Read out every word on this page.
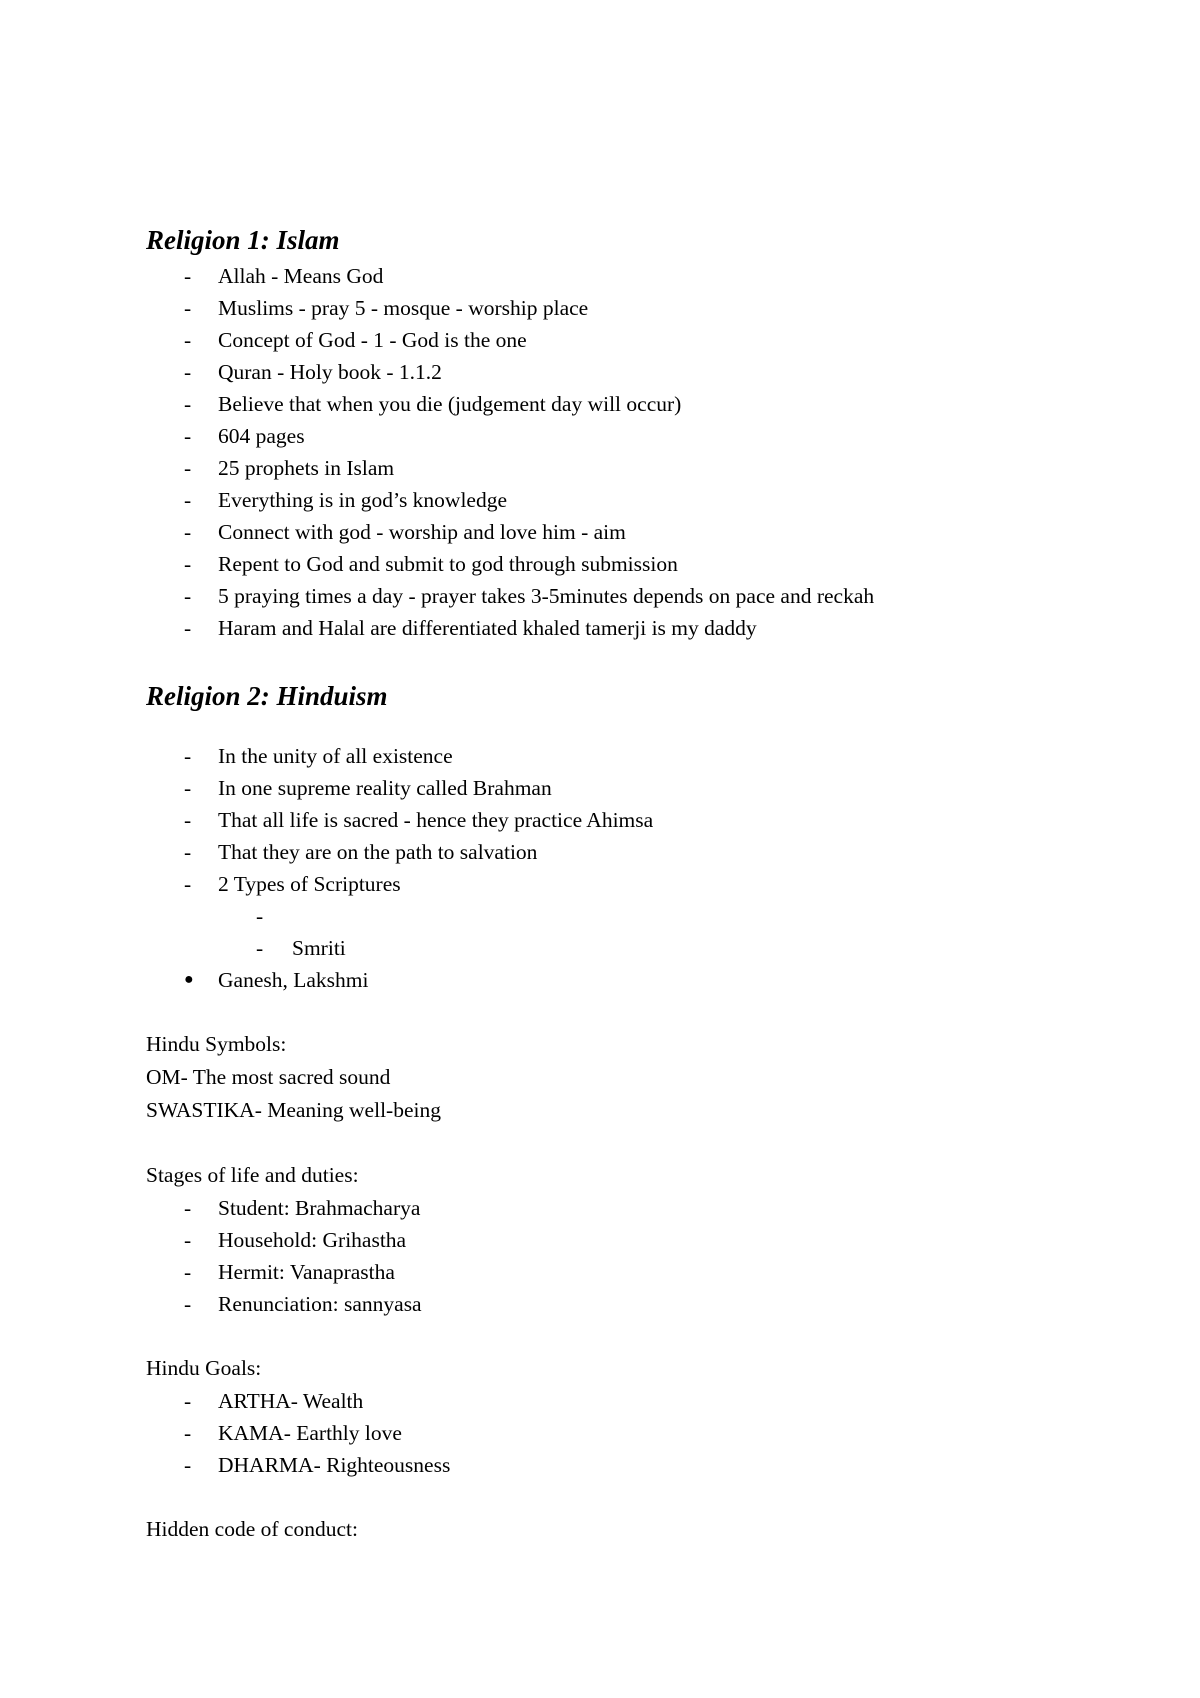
Religion 1: Islam
-	Allah - Means God
-	Muslims - pray 5 - mosque - worship place
-	Concept of God - 1 - God is the one
-	Quran - Holy book - 1.1.2
-	Believe that when you die (judgement day will occur)
-	604 pages
-	25 prophets in Islam
-	Everything is in god’s knowledge
-	Connect with god - worship and love him - aim
-	Repent to God and submit to god through submission
-	5 praying times a day - prayer takes 3-5minutes depends on pace and reckah
-	Haram and Halal are differentiated khaled tamerji is my daddy
Religion 2: Hinduism
-	In the unity of all existence
-	In one supreme reality called Brahman
-	That all life is sacred - hence they practice Ahimsa
-	That they are on the path to salvation
-	2 Types of Scriptures
-
-	Smriti
●	Ganesh, Lakshmi
Hindu Symbols:
OM- The most sacred sound
SWASTIKA- Meaning well-being
Stages of life and duties:
-	Student: Brahmacharya
-	Household: Grihastha
-	Hermit: Vanaprastha
-	Renunciation: sannyasa
Hindu Goals:
-	ARTHA- Wealth
-	KAMA- Earthly love
-	DHARMA- Righteousness
Hidden code of conduct:
